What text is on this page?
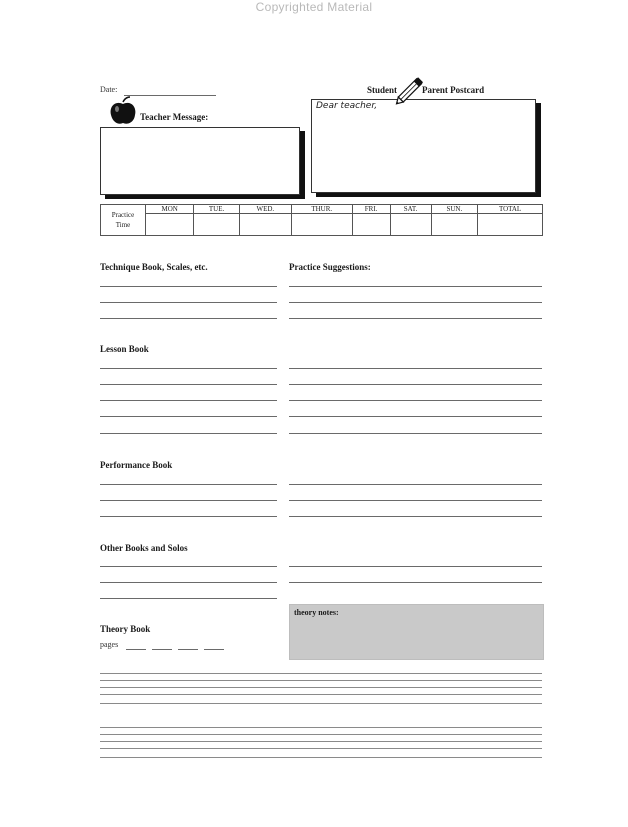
Copyrighted Material
Date:
Teacher Message:
Student	Parent Postcard
Dear teacher,
Practice
Time	MON	TUE.	WED.	THUR.	FRI.	SAT.	SUN.	TOTAL

Technique Book, Scales, etc.	Practice Suggestions:
Lesson Book
Performance Book
Other Books and Solos
theory notes:
Theory Book
pages
